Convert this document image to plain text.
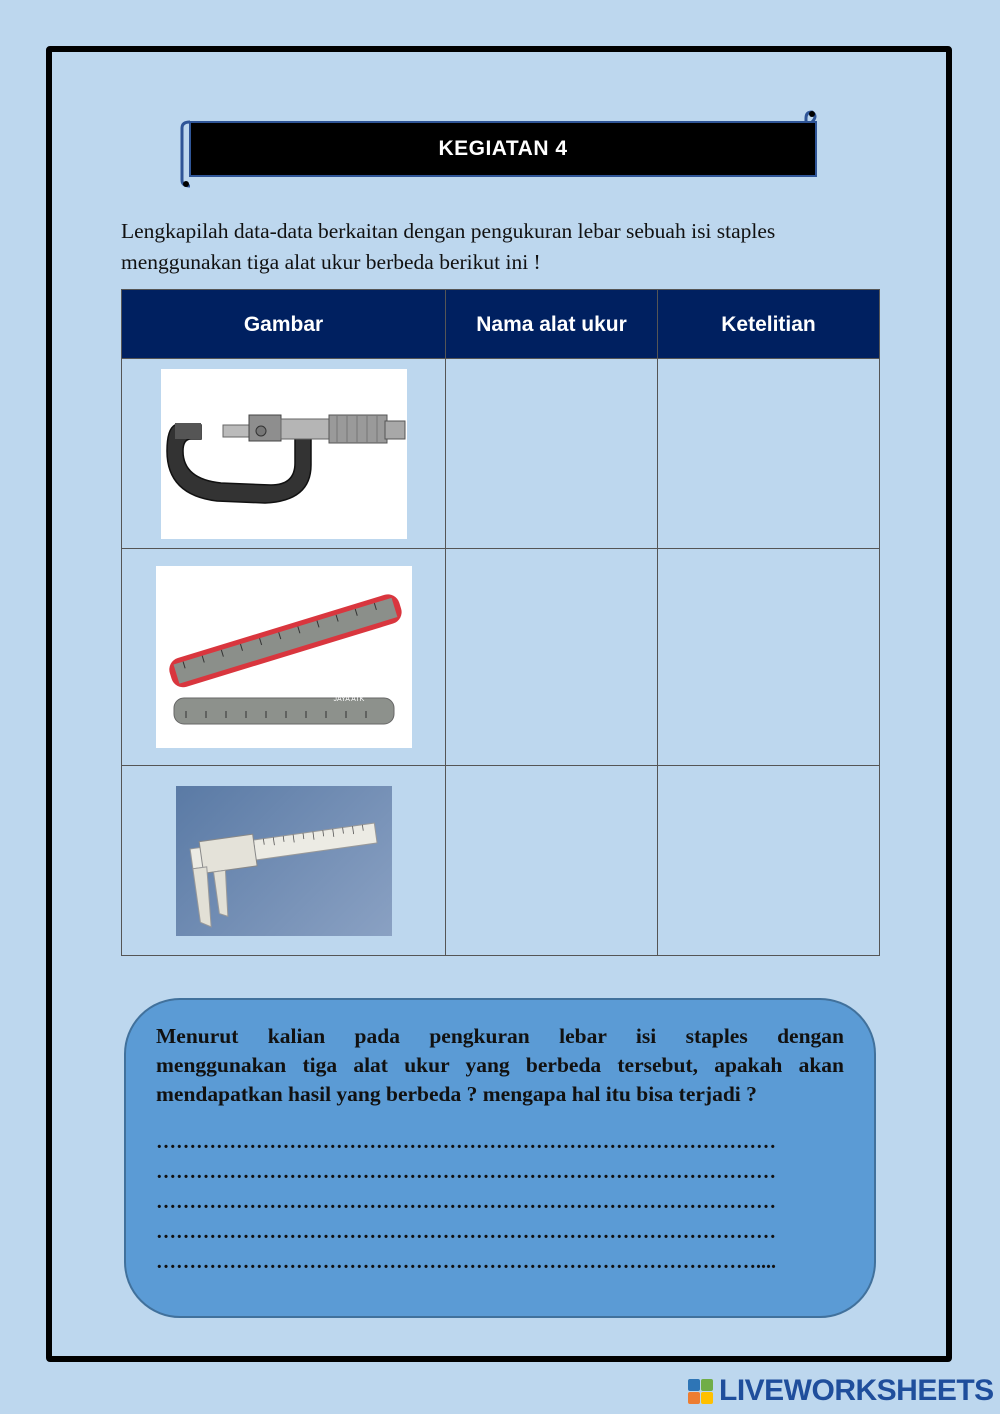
KEGIATAN 4
Lengkapilah data-data berkaitan dengan pengukuran lebar sebuah isi staples
menggunakan tiga alat ukur berbeda berikut ini !
Gambar	Nama alat ukur	Ketelitian

JAYA ATK		

Menurut kalian pada pengkuran lebar isi staples dengan

menggunakan tiga alat ukur yang berbeda tersebut, apakah akan

mendapatkan hasil yang berbeda ? mengapa hal itu bisa terjadi ?

…………………………………………………………………………………

…………………………………………………………………………………

…………………………………………………………………………………

…………………………………………………………………………………

………………………………………………………………………………....

LIVEWORKSHEETS
